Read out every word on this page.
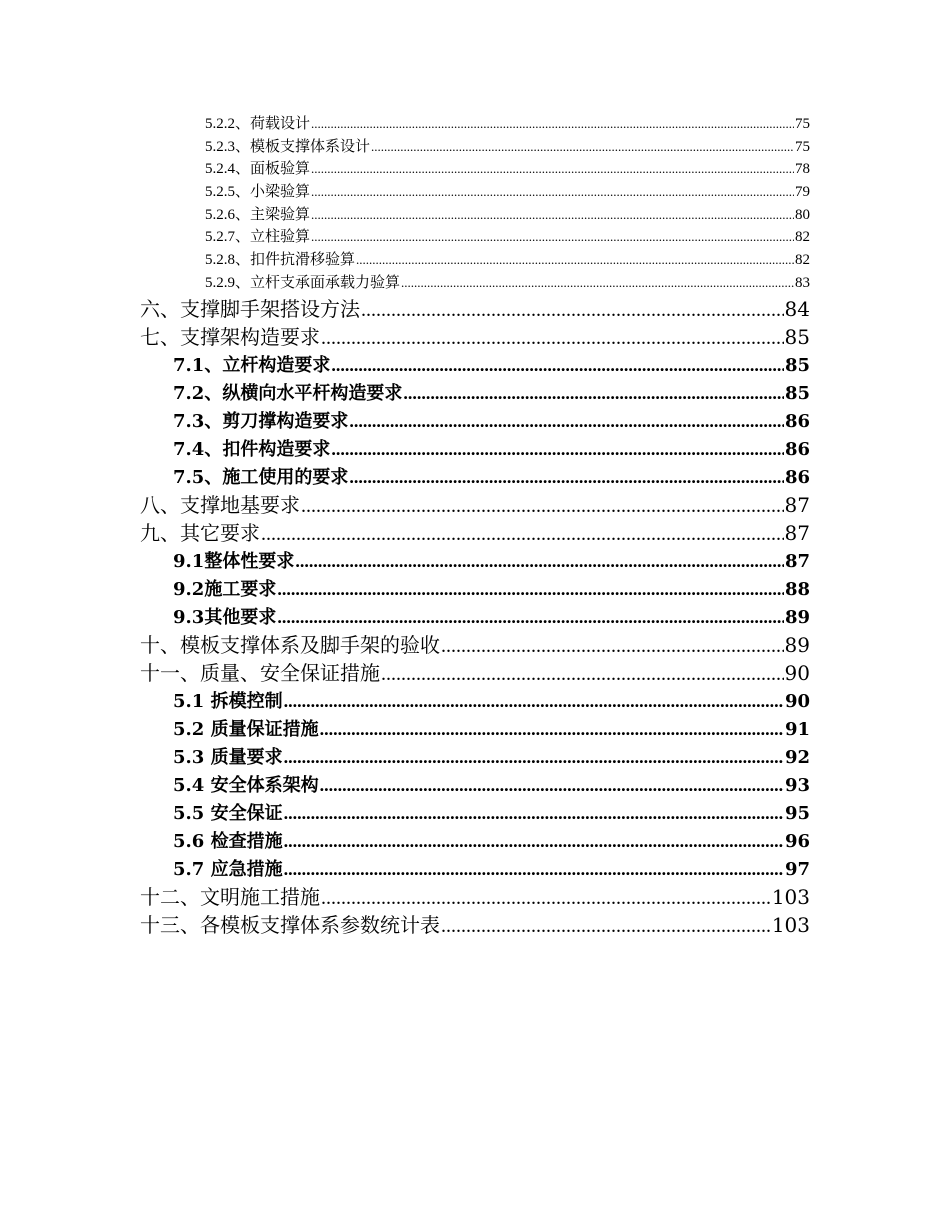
5.2.2、荷载设计 .....	75
5.2.3、模板支撑体系设计 .....	75
5.2.4、面板验算 .....	78
5.2.5、小梁验算 .....	79
5.2.6、主梁验算 .....	80
5.2.7、立柱验算 .....	82
5.2.8、扣件抗滑移验算 .....	82
5.2.9、立杆支承面承载力验算 .....	83
六、支撑脚手架搭设方法 .....	84
七、支撑架构造要求 .....	85
7.1、立杆构造要求 .....	85
7.2、纵横向水平杆构造要求 .....	85
7.3、剪刀撑构造要求 .....	86
7.4、扣件构造要求 .....	86
7.5、施工使用的要求 .....	86
八、支撑地基要求 .....	87
九、其它要求 .....	87
9.1整体性要求 .....	87
9.2施工要求 .....	88
9.3其他要求 .....	89
十、模板支撑体系及脚手架的验收 .....	89
十一、质量、安全保证措施 .....	90
5.1 拆模控制 .....	90
5.2 质量保证措施 .....	91
5.3 质量要求 .....	92
5.4 安全体系架构 .....	93
5.5 安全保证 .....	95
5.6 检查措施 .....	96
5.7 应急措施 .....	97
十二、文明施工措施 .....	103
十三、各模板支撑体系参数统计表 .....	103
